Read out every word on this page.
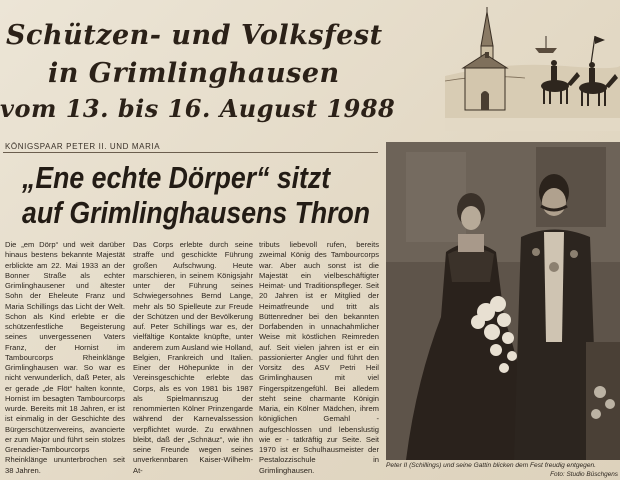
Schützen- und Volksfest
in Grimlinghausen
vom 13. bis 16. August 1988
KÖNIGSPAAR PETER II. UND MARIA
„Ene echte Dörper“ sitzt
auf Grimlinghausens Thron

Die „em Dörp“ und weit darüber hinaus bestens bekannte Majestät erblickte am 22. Mai 1933 an der Bonner Straße als echter Grimlinghausener und ältester Sohn der Eheleute Franz und Maria Schillings das Licht der Welt. Schon als Kind erlebte er die schützenfestliche Begeisterung seines unvergessenen Vaters Franz, der Hornist im Tambourcorps Rheinklänge Grimlinghausen war. So war es nicht verwunderlich, daß Peter, als er gerade „de Flöt“ halten konnte, Hornist im besagten Tambourcorps wurde. Bereits mit 18 Jahren, er ist ist einmalig in der Geschichte des Bürgerschützenvereins, avancierte er zum Major und führt sein stolzes Grenadier-Tambourcorps Rheinklänge ununterbrochen seit 38 Jahren.

Das Corps erlebte durch seine straffe und geschickte Führung großen Aufschwung. Heute marschieren, in seinem Königsjahr unter der Führung seines Schwiegersohnes Bernd Lange, mehr als 50 Spielleute zur Freude der Schützen und der Bevölkerung auf. Peter Schillings war es, der vielfältige Kontakte knüpfte, unter anderem zum Ausland wie Holland, Belgien, Frankreich und Italien. Einer der Höhepunkte in der Vereinsgeschichte erlebte das Corps, als es von 1981 bis 1987 als Spielmannszug der renommierten Kölner Prinzengarde während der Karnevalssession verpflichtet wurde. Zu erwähnen bleibt, daß der „Schnäuz“, wie ihn seine Freunde wegen seines unverkennbaren Kaiser-Wilhelm-At-

tributs liebevoll rufen, bereits zweimal König des Tambourcorps war. Aber auch sonst ist die Majestät ein vielbeschäftigter Heimat- und Traditionspfleger. Seit 20 Jahren ist er Mitglied der Heimatfreunde und tritt als Büttenredner bei den bekannten Dorfabenden in unnachahmlicher Weise mit köstlichen Reimreden auf. Seit vielen jahren ist er ein passionierter Angler und führt den Vorsitz des ASV Petri Heil Grimlinghausen mit viel Fingerspitzengefühl. Bei alledem steht seine charmante Königin Maria, ein Kölner Mädchen, ihrem königlichen Gemahl - aufgeschlossen und lebenslustig wie er - tatkräftig zur Seite. Seit 1970 ist er Schulhausmeister der Pestalozzischule in Grimlinghausen.	Peter II (Schillings) und seine Gattin blicken dem Fest freudig entgegen.
Foto: Studio Büschgens
